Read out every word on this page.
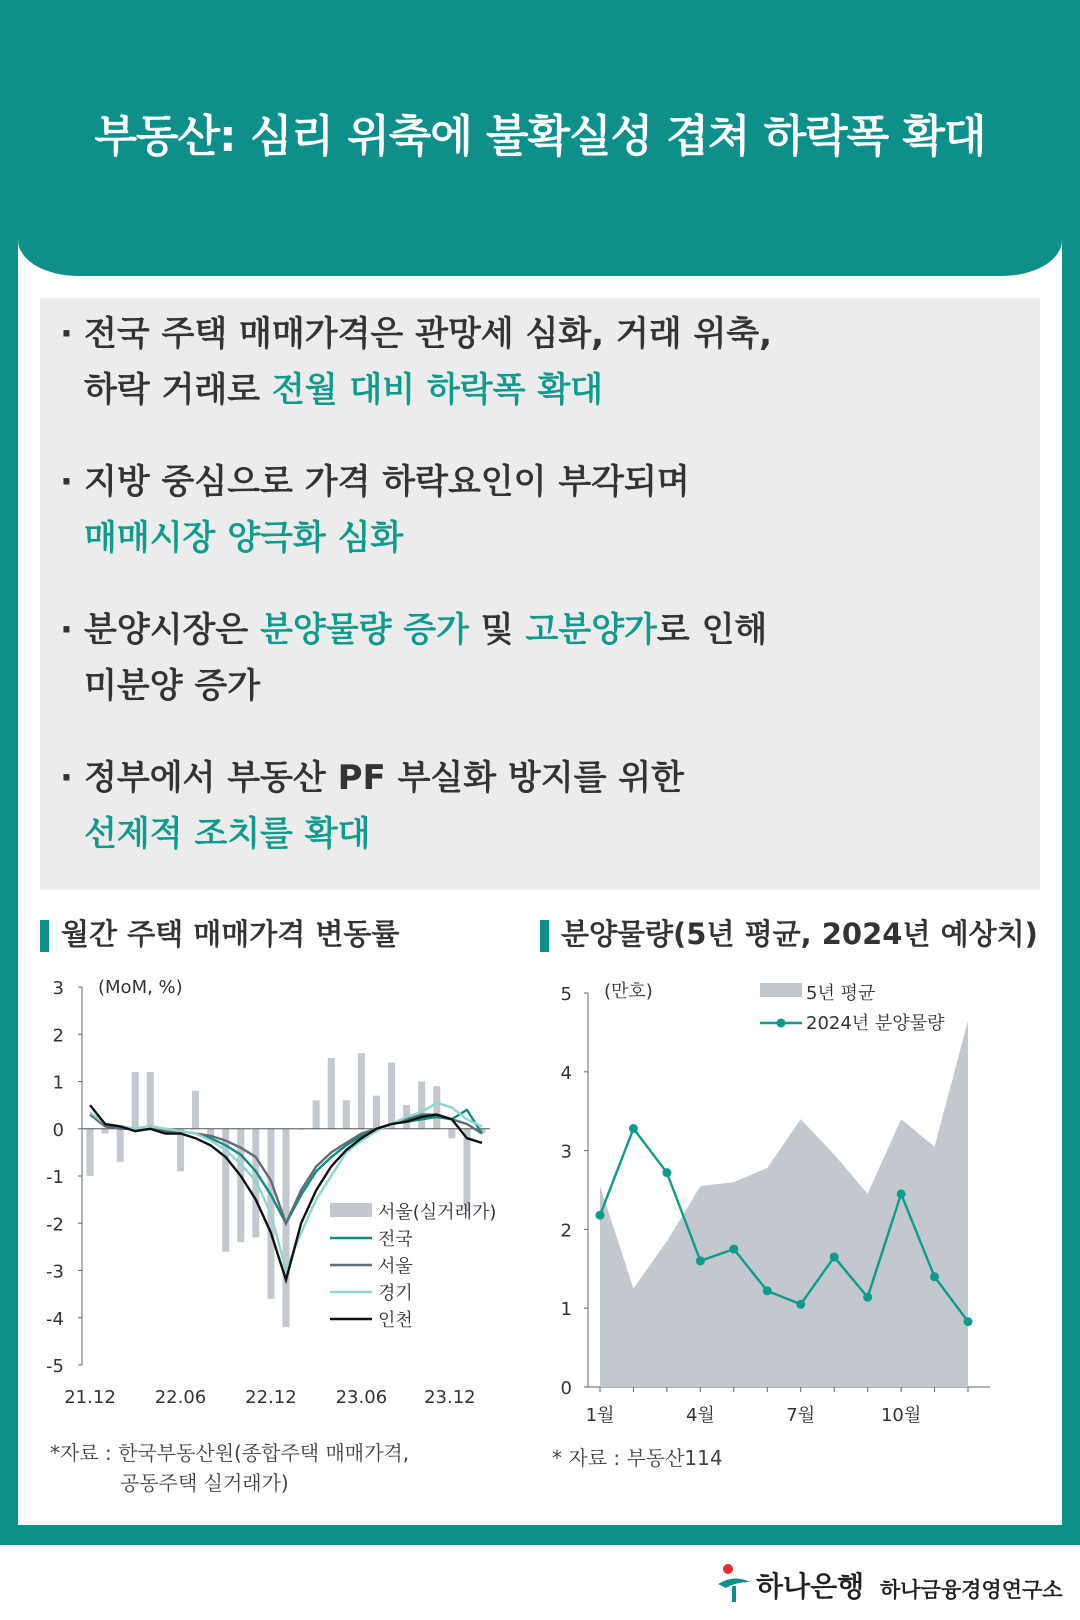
부동산: 심리 위축에 불확실성 겹쳐 하락폭 확대
· 전국 주택 매매가격은 관망세 심화, 거래 위축,
하락 거래로 전월 대비 하락폭 확대
· 지방 중심으로 가격 하락요인이 부각되며
매매시장 양극화 심화
· 분양시장은 분양물량 증가 및 고분양가로 인해
미분양 증가
· 정부에서 부동산 PF 부실화 방지를 위한
선제적 조치를 확대
월간 주택 매매가격 변동률	분양물량(5년 평균, 2024년 예상치)
3
2
1
0
-1
-2
-3
-4
-5
(MoM, %)
21.12 22.06 22.12 23.06 23.12
서울(실거래가)
전국
서울
경기
인천
5
4
3
2
1
0
(만호)
1월	4월	7월	10월
5년 평균
2024년 분양물량
*자료 : 한국부동산원(종합주택 매매가격,
공동주택 실거래가)
* 자료 : 부동산114
하나은행 하나금융경영연구소
